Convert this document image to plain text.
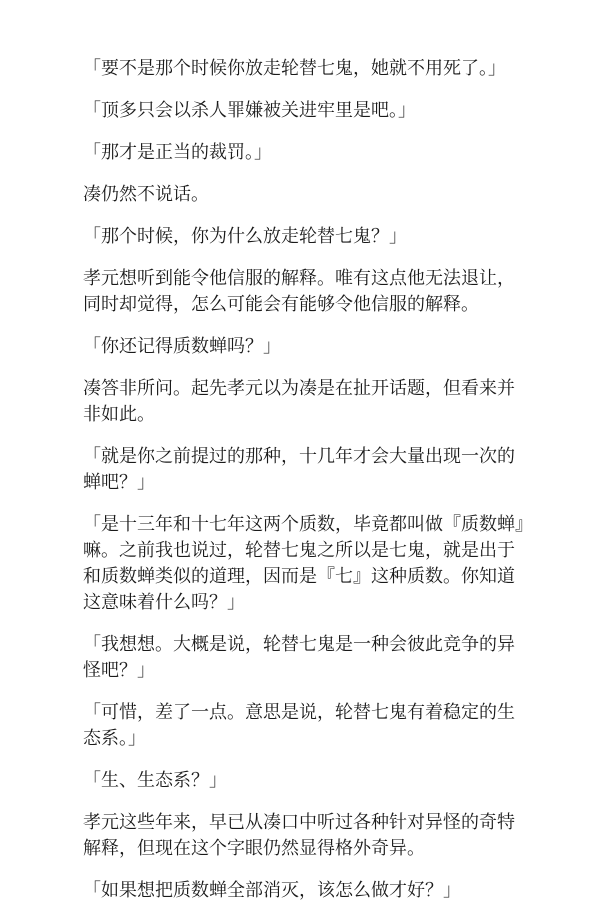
「要不是那个时候你放走轮替七鬼，她就不用死了。」

「顶多只会以杀人罪嫌被关进牢里是吧。」

「那才是正当的裁罚。」

凑仍然不说话。

「那个时候，你为什么放走轮替七鬼？」

孝元想听到能令他信服的解释。唯有这点他无法退让，同时却觉得，怎么可能会有能够令他信服的解释。

「你还记得质数蝉吗？」

凑答非所问。起先孝元以为凑是在扯开话题，但看来并非如此。

「就是你之前提过的那种，十几年才会大量出现一次的蝉吧？」

「是十三年和十七年这两个质数，毕竟都叫做『质数蝉』嘛。之前我也说过，轮替七鬼之所以是七鬼，就是出于和质数蝉类似的道理，因而是『七』这种质数。你知道这意味着什么吗？」

「我想想。大概是说，轮替七鬼是一种会彼此竞争的异怪吧？」

「可惜，差了一点。意思是说，轮替七鬼有着稳定的生态系。」

「生、生态系？」

孝元这些年来，早已从凑口中听过各种针对异怪的奇特解释，但现在这个字眼仍然显得格外奇异。

「如果想把质数蝉全部消灭，该怎么做才好？」
